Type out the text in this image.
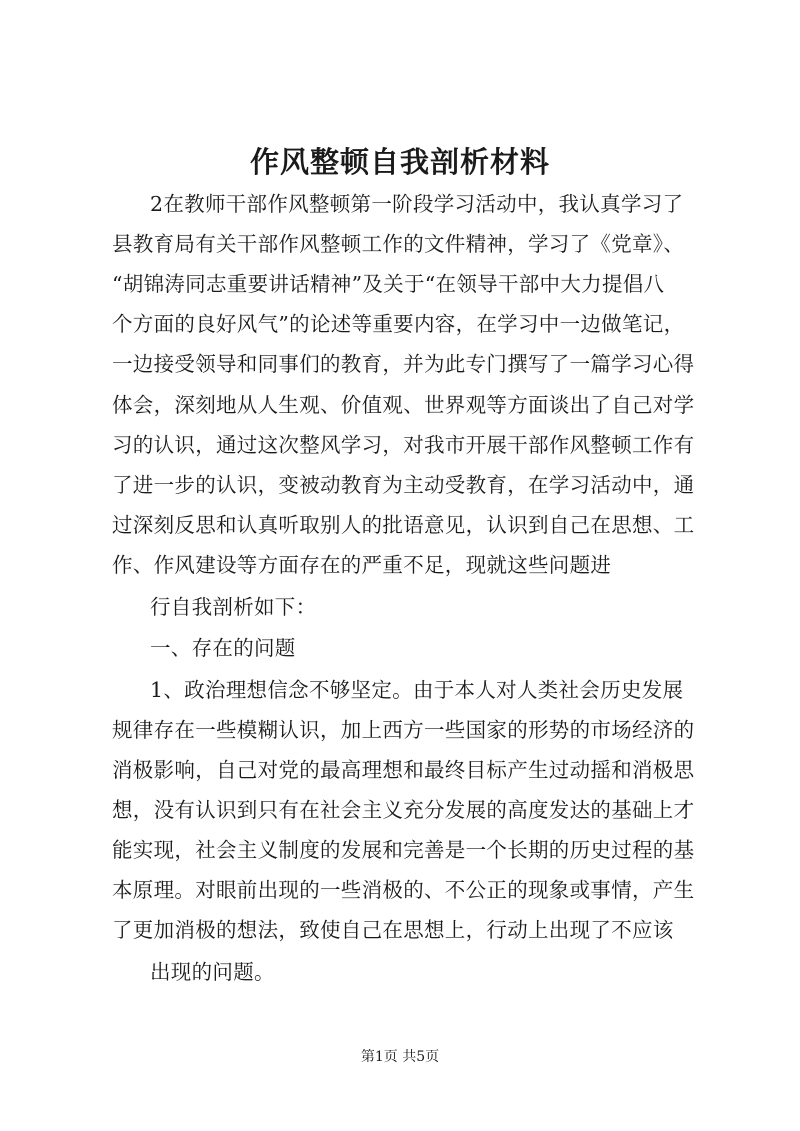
作风整顿自我剖析材料
2在教师干部作风整顿第一阶段学习活动中，我认真学习了
县教育局有关干部作风整顿工作的文件精神，学习了《党章》、
“胡锦涛同志重要讲话精神”及关于“在领导干部中大力提倡八
个方面的良好风气”的论述等重要内容，在学习中一边做笔记，
一边接受领导和同事们的教育，并为此专门撰写了一篇学习心得
体会，深刻地从人生观、价值观、世界观等方面谈出了自己对学
习的认识，通过这次整风学习，对我市开展干部作风整顿工作有
了进一步的认识，变被动教育为主动受教育，在学习活动中，通
过深刻反思和认真听取别人的批语意见，认识到自己在思想、工
作、作风建设等方面存在的严重不足，现就这些问题进
行自我剖析如下：
一、存在的问题
1、政治理想信念不够坚定。由于本人对人类社会历史发展
规律存在一些模糊认识，加上西方一些国家的形势的市场经济的
消极影响，自己对党的最高理想和最终目标产生过动摇和消极思
想，没有认识到只有在社会主义充分发展的高度发达的基础上才
能实现，社会主义制度的发展和完善是一个长期的历史过程的基
本原理。对眼前出现的一些消极的、不公正的现象或事情，产生
了更加消极的想法，致使自己在思想上，行动上出现了不应该
出现的问题。
第1页 共5页
